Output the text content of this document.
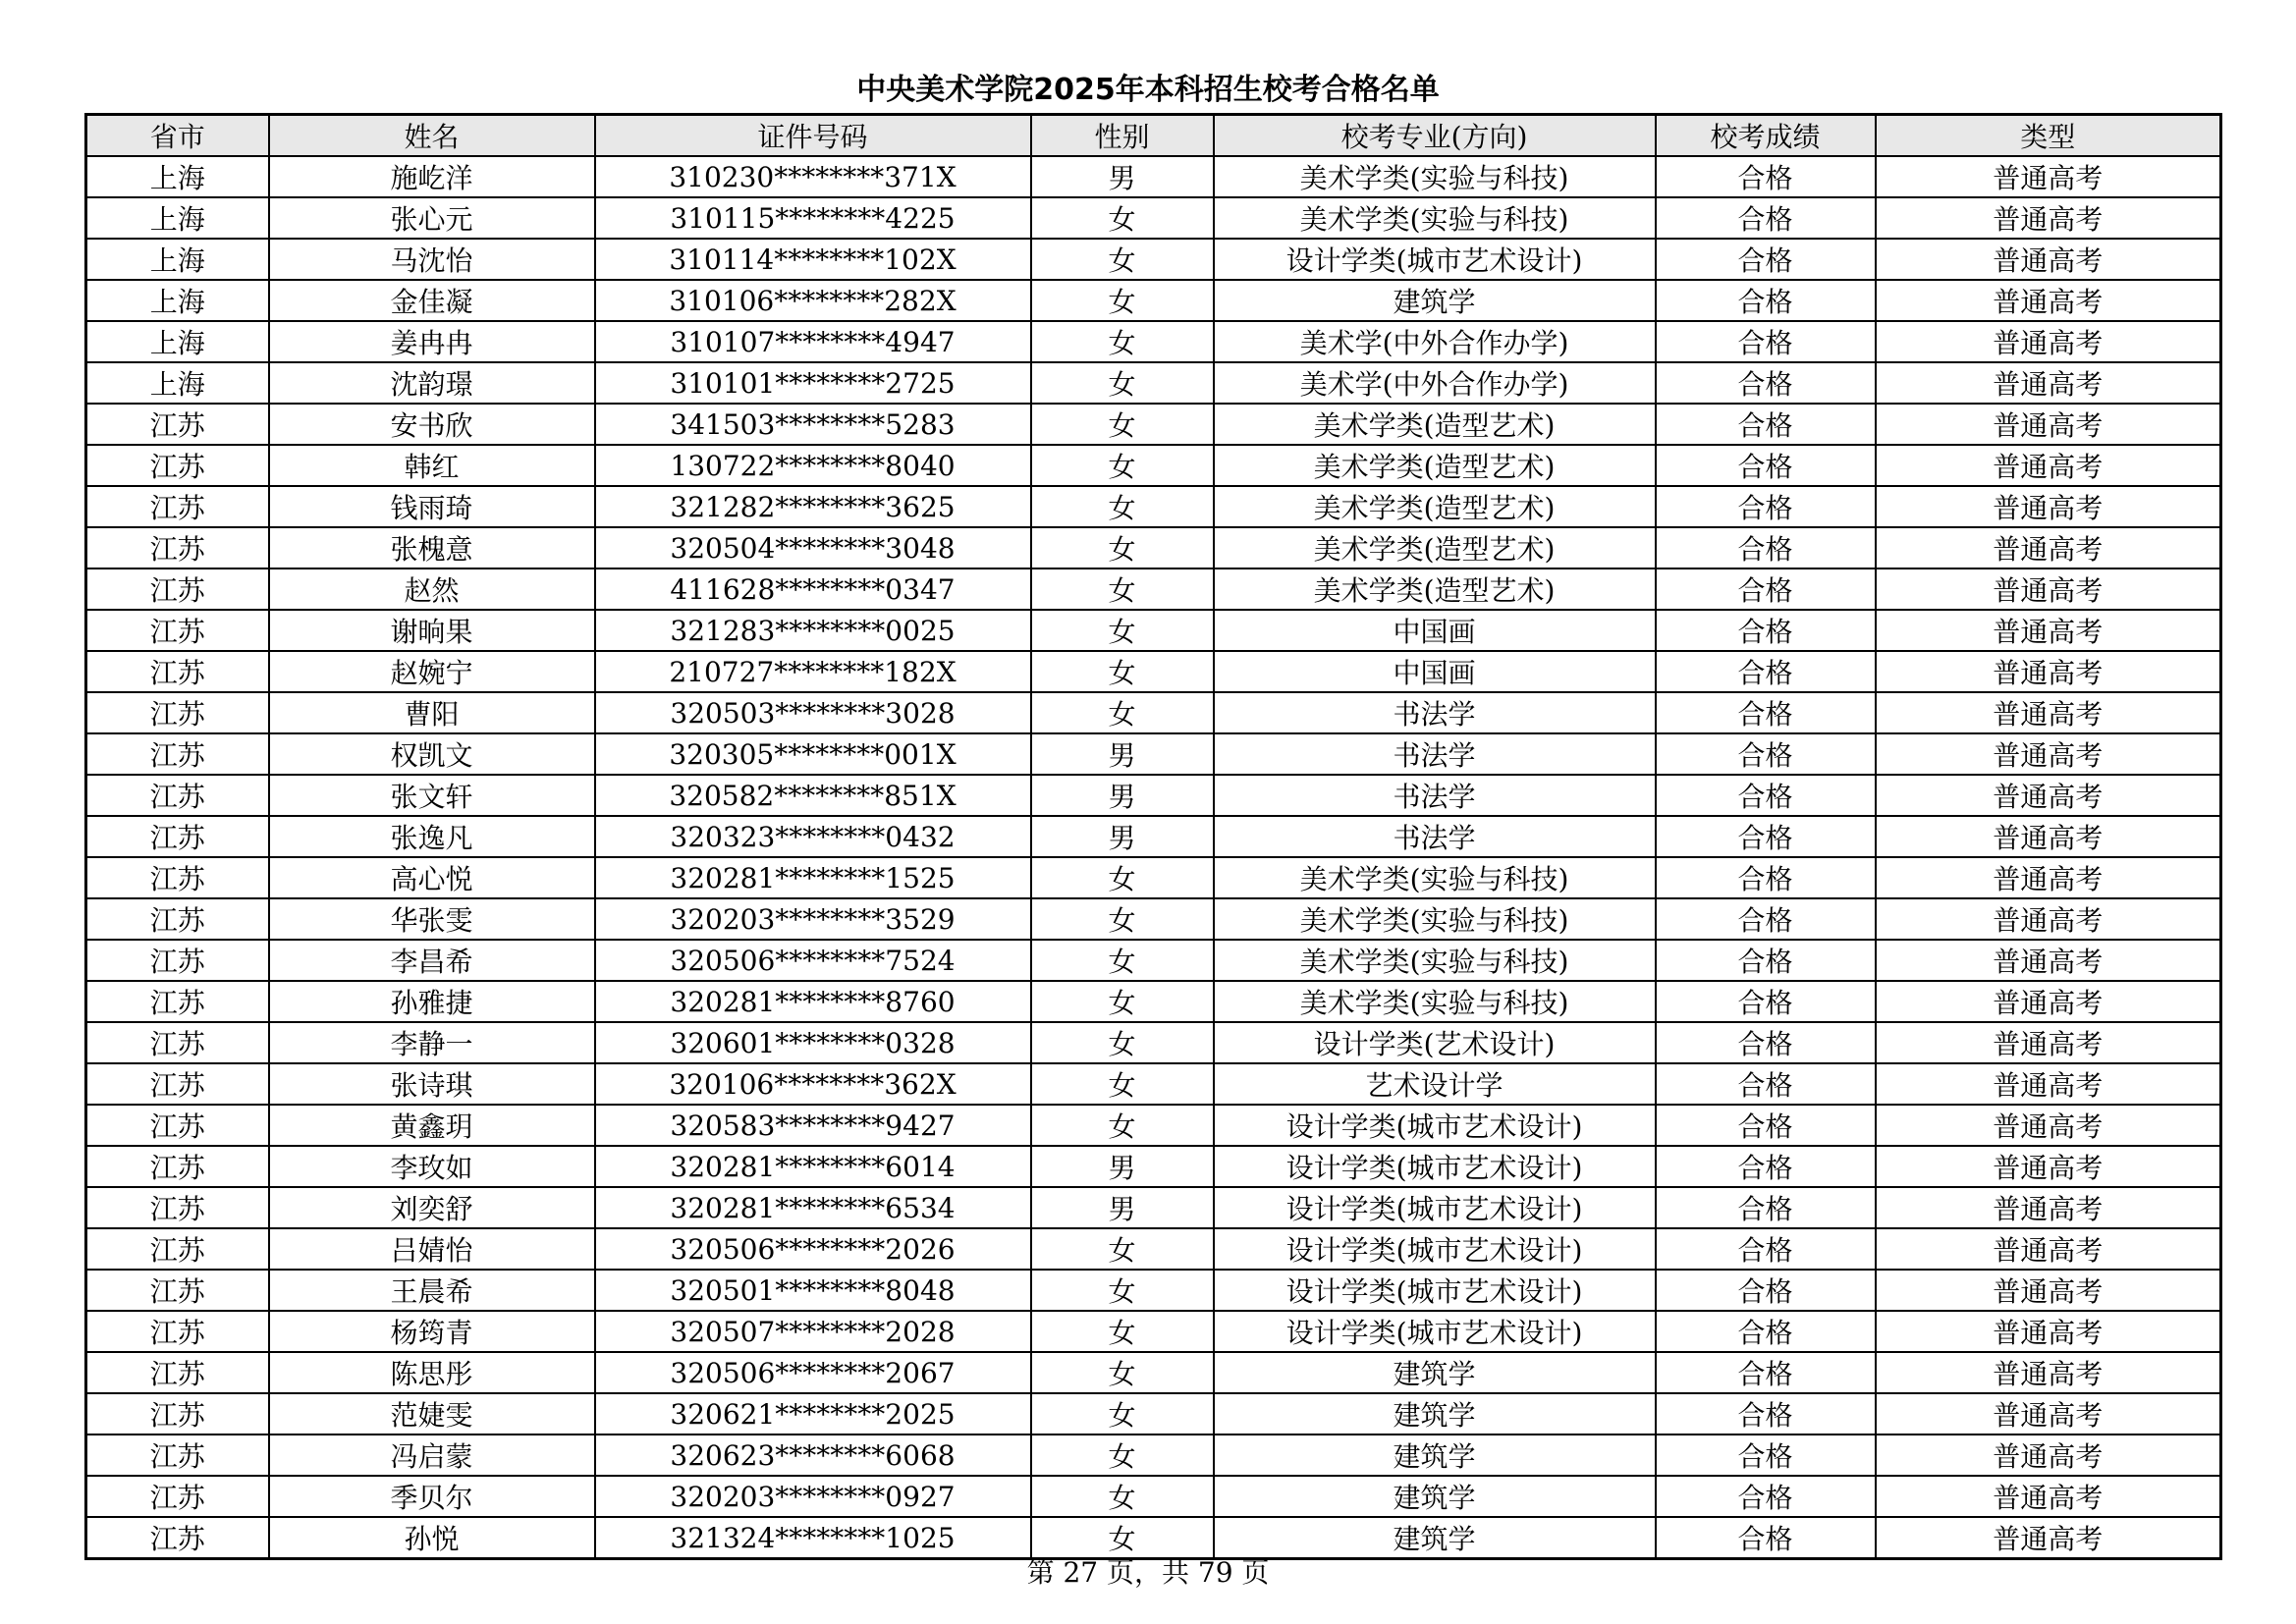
中央美术学院2025年本科招生校考合格名单
省市	姓名	证件号码	性别	校考专业(方向)	校考成绩	类型
上海	施屹洋	310230********371X	男	美术学类(实验与科技)	合格	普通高考
上海	张心元	310115********4225	女	美术学类(实验与科技)	合格	普通高考
上海	马沈怡	310114********102X	女	设计学类(城市艺术设计)	合格	普通高考
上海	金佳凝	310106********282X	女	建筑学	合格	普通高考
上海	姜冉冉	310107********4947	女	美术学(中外合作办学)	合格	普通高考
上海	沈韵璟	310101********2725	女	美术学(中外合作办学)	合格	普通高考
江苏	安书欣	341503********5283	女	美术学类(造型艺术)	合格	普通高考
江苏	韩红	130722********8040	女	美术学类(造型艺术)	合格	普通高考
江苏	钱雨琦	321282********3625	女	美术学类(造型艺术)	合格	普通高考
江苏	张槐意	320504********3048	女	美术学类(造型艺术)	合格	普通高考
江苏	赵然	411628********0347	女	美术学类(造型艺术)	合格	普通高考
江苏	谢晌果	321283********0025	女	中国画	合格	普通高考
江苏	赵婉宁	210727********182X	女	中国画	合格	普通高考
江苏	曹阳	320503********3028	女	书法学	合格	普通高考
江苏	权凯文	320305********001X	男	书法学	合格	普通高考
江苏	张文轩	320582********851X	男	书法学	合格	普通高考
江苏	张逸凡	320323********0432	男	书法学	合格	普通高考
江苏	高心悦	320281********1525	女	美术学类(实验与科技)	合格	普通高考
江苏	华张雯	320203********3529	女	美术学类(实验与科技)	合格	普通高考
江苏	李昌希	320506********7524	女	美术学类(实验与科技)	合格	普通高考
江苏	孙雅捷	320281********8760	女	美术学类(实验与科技)	合格	普通高考
江苏	李静一	320601********0328	女	设计学类(艺术设计)	合格	普通高考
江苏	张诗琪	320106********362X	女	艺术设计学	合格	普通高考
江苏	黄鑫玥	320583********9427	女	设计学类(城市艺术设计)	合格	普通高考
江苏	李玫如	320281********6014	男	设计学类(城市艺术设计)	合格	普通高考
江苏	刘奕舒	320281********6534	男	设计学类(城市艺术设计)	合格	普通高考
江苏	吕婧怡	320506********2026	女	设计学类(城市艺术设计)	合格	普通高考
江苏	王晨希	320501********8048	女	设计学类(城市艺术设计)	合格	普通高考
江苏	杨筠青	320507********2028	女	设计学类(城市艺术设计)	合格	普通高考
江苏	陈思彤	320506********2067	女	建筑学	合格	普通高考
江苏	范婕雯	320621********2025	女	建筑学	合格	普通高考
江苏	冯启蒙	320623********6068	女	建筑学	合格	普通高考
江苏	季贝尔	320203********0927	女	建筑学	合格	普通高考
江苏	孙悦	321324********1025	女	建筑学	合格	普通高考
第 27 页，共 79 页
